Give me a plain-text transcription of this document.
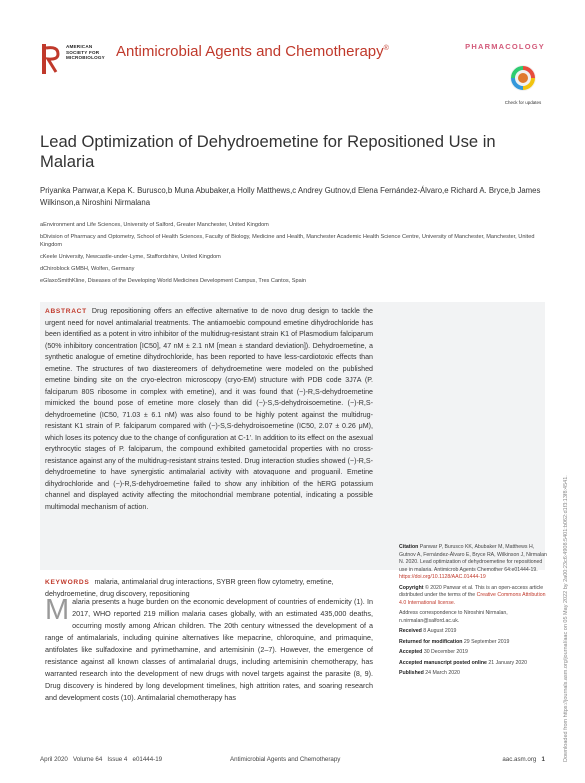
AMERICAN SOCIETY FOR MICROBIOLOGY Antimicrobial Agents and Chemotherapy®	PHARMACOLOGY
Check for updates
Lead Optimization of Dehydroemetine for Repositioned Use in Malaria
Priyanka Panwar,a Kepa K. Burusco,b Muna Abubaker,a Holly Matthews,c Andrey Gutnov,d Elena Fernández-Álvaro,e Richard A. Bryce,b James Wilkinson,a Niroshini Nirmalana
aEnvironment and Life Sciences, University of Salford, Greater Manchester, United Kingdom
bDivision of Pharmacy and Optometry, School of Health Sciences, Faculty of Biology, Medicine and Health, Manchester Academic Health Science Centre, University of Manchester, Manchester, United Kingdom
cKeele University, Newcastle-under-Lyme, Staffordshire, United Kingdom
dChiroblock GMBH, Wolfen, Germany
eGlaxoSmithKline, Diseases of the Developing World Medicines Development Campus, Tres Cantos, Spain
ABSTRACT Drug repositioning offers an effective alternative to de novo drug design to tackle the urgent need for novel antimalarial treatments. The antiamoebic compound emetine dihydrochloride has been identified as a potent in vitro inhibitor of the multidrug-resistant strain K1 of Plasmodium falciparum (50% inhibitory concentration [IC50], 47 nM ± 2.1 nM [mean ± standard deviation]). Dehydroemetine, a synthetic analogue of emetine dihydrochloride, has been reported to have less-cardiotoxic effects than emetine. The structures of two diastereomers of dehydroemetine were modeled on the published emetine binding site on the cryo-electron microscopy (cryo-EM) structure with PDB code 3J7A (P. falciparum 80S ribosome in complex with emetine), and it was found that (−)-R,S-dehydroemetine mimicked the bound pose of emetine more closely than did (−)-S,S-dehydroisoemetine. (−)-R,S-dehydroemetine (IC50, 71.03 ± 6.1 nM) was also found to be highly potent against the multidrug-resistant K1 strain of P. falciparum compared with (−)-S,S-dehydroisoemetine (IC50, 2.07 ± 0.26 μM), which loses its potency due to the change of configuration at C-1'. In addition to its effect on the asexual erythrocytic stages of P. falciparum, the compound exhibited gametocidal properties with no cross-resistance against any of the multidrug-resistant strains tested. Drug interaction studies showed (−)-R,S-dehydroemetine to have synergistic antimalarial activity with atovaquone and proguanil. Emetine dihydrochloride and (−)-R,S-dehydroemetine failed to show any inhibition of the hERG potassium channel and displayed activity affecting the mitochondrial membrane potential, indicating a possible multimodal mechanism of action.
KEYWORDS malaria, antimalarial drug interactions, SYBR green flow cytometry, emetine, dehydroemetine, drug discovery, repositioning

Citation Panwar P, Burusco KK, Abubaker M, Matthews H, Gutnov A, Fernández-Álvaro E, Bryce RA, Wilkinson J, Nirmalan N. 2020. Lead optimization of dehydroemetine for repositioned use in malaria. Antimicrob Agents Chemother 64:e01444-19. https://doi.org/10.1128/AAC.01444-19

Copyright © 2020 Panwar et al. This is an open-access article distributed under the terms of the Creative Commons Attribution 4.0 International license.

Address correspondence to Niroshini Nirmalan, n.nirmalan@salford.ac.uk.

Received 8 August 2019

Returned for modification 29 September 2019

Accepted 30 December 2019

Accepted manuscript posted online 21 January 2020

Published 24 March 2020

Malaria presents a huge burden on the economic development of countries of endemicity (1). In 2017, WHO reported 219 million malaria cases globally, with an estimated 435,000 deaths, occurring mostly among African children. The 20th century witnessed the development of a range of antimalarials, including quinine alternatives like mepacrine, chloroquine, and primaquine, antifolates like sulfadoxine and pyrimethamine, and artemisinin (2–7). However, the emergence of resistance against all known classes of antimalarial drugs, including artemisinin chemotherapy, has warranted research into the development of new drugs with novel targets against the parasite (8, 9). Drug discovery is hindered by long development timelines, high attrition rates, and soaring research and development costs (10). Antimalarial chemotherapy has	Downloaded from https://journals.asm.org/journal/aac on 05 May 2022 by 2a00:23c6:4908:5401:b062:d1f3:13f8:4541.
April 2020   Volume 64   Issue 4   e01444-19	Antimicrobial Agents and Chemotherapy	aac.asm.org 1
